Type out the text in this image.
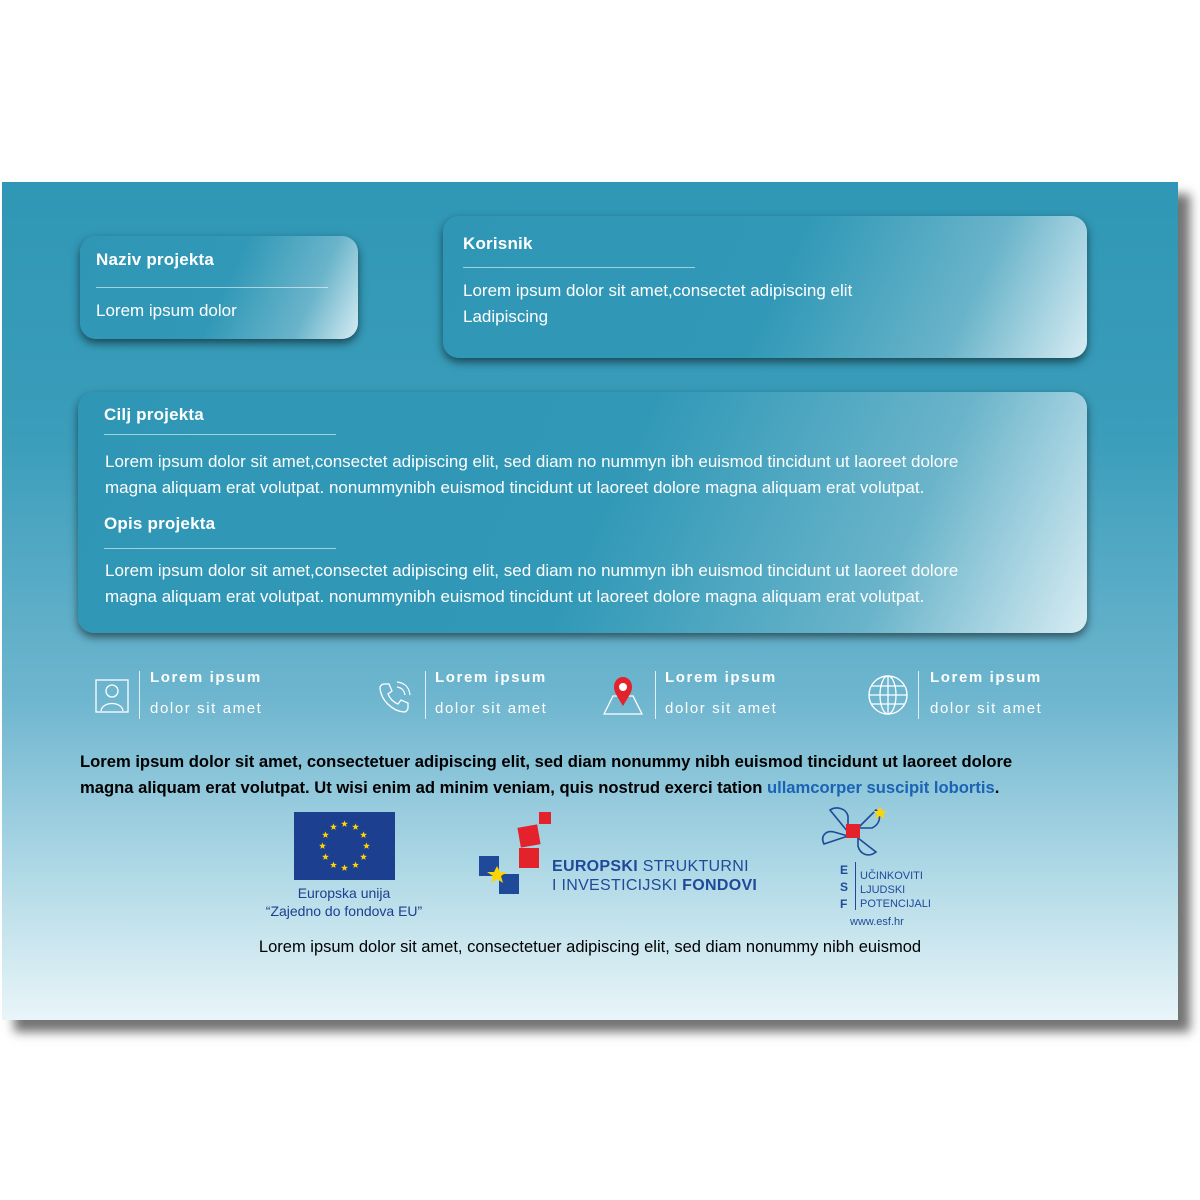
Naziv projekta
Lorem ipsum dolor
Korisnik
Lorem ipsum dolor sit amet,consectet adipiscing elit
Ladipiscing
Cilj projekta
Lorem ipsum dolor sit amet,consectet adipiscing elit, sed diam no nummyn ibh euismod tincidunt ut laoreet dolore
magna aliquam erat volutpat. nonummynibh euismod tincidunt ut laoreet dolore magna aliquam erat volutpat.
Opis projekta
Lorem ipsum dolor sit amet,consectet adipiscing elit, sed diam no nummyn ibh euismod tincidunt ut laoreet dolore
magna aliquam erat volutpat. nonummynibh euismod tincidunt ut laoreet dolore magna aliquam erat volutpat.
Lorem ipsum
dolor sit amet
Lorem ipsum
dolor sit amet
Lorem ipsum
dolor sit amet
Lorem ipsum
dolor sit amet
Lorem ipsum dolor sit amet, consectetuer adipiscing elit, sed diam nonummy nibh euismod tincidunt ut laoreet dolore
magna aliquam erat volutpat. Ut wisi enim ad minim veniam, quis nostrud exerci tation ullamcorper suscipit lobortis.
Europska unija
“Zajedno do fondova EU”
EUROPSKI STRUKTURNI
I INVESTICIJSKI FONDOVI
E
S
F
UČINKOVITI
LJUDSKI
POTENCIJALI
www.esf.hr
Lorem ipsum dolor sit amet, consectetuer adipiscing elit, sed diam nonummy nibh euismod
